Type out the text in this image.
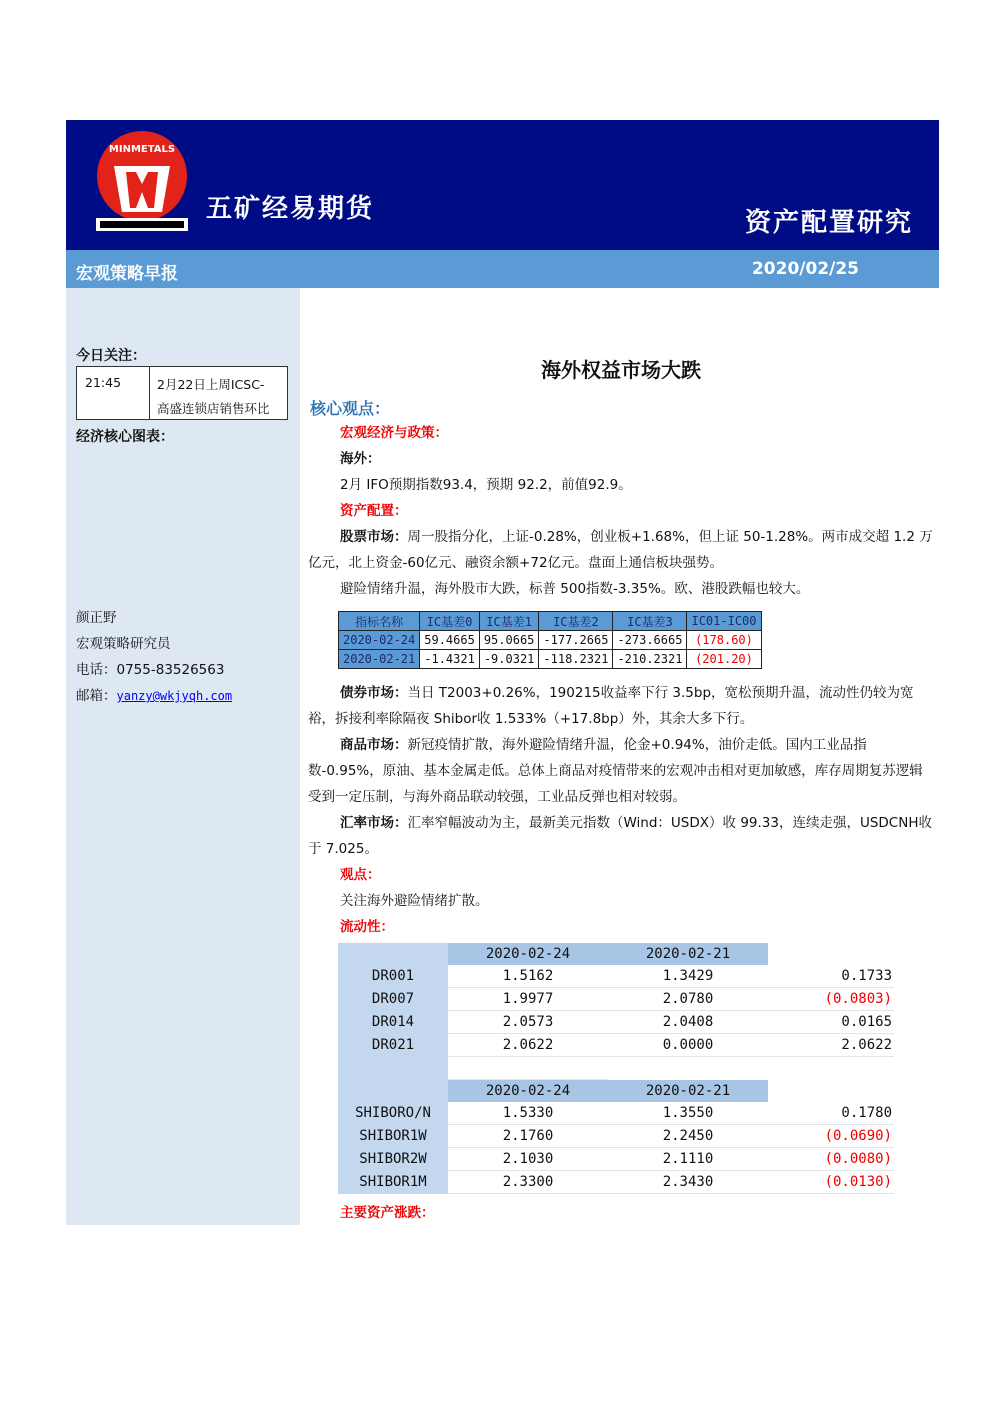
MINMETALS
五矿经易期货	资产配置研究
宏观策略早报	2020/02/25
今日关注：
21:45	2月22日上周ICSC-
高盛连锁店销售环比
经济核心图表：
颜正野
宏观策略研究员
电话：0755-83526563
邮箱：yanzy@wkjyqh.com
海外权益市场大跌
核心观点：
宏观经济与政策：
海外：
2月 IFO预期指数93.4，预期 92.2，前值92.9。
资产配置：
股票市场：周一股指分化，上证-0.28%，创业板+1.68%，但上证 50-1.28%。两市成交超 1.2 万亿元，北上资金-60亿元、融资余额+72亿元。盘面上通信板块强势。
避险情绪升温，海外股市大跌，标普 500指数-3.35%。欧、港股跌幅也较大。
指标名称	IC基差0	IC基差1	IC基差2	IC基差3	IC01-IC00
2020-02-24	59.4665	95.0665	-177.2665	-273.6665	(178.60)
2020-02-21	-1.4321	-9.0321	-118.2321	-210.2321	(201.20)
债券市场：当日 T2003+0.26%，190215收益率下行 3.5bp，宽松预期升温，流动性仍较为宽裕，拆接利率除隔夜 Shibor收 1.533%（+17.8bp）外，其余大多下行。
商品市场：新冠疫情扩散，海外避险情绪升温，伦金+0.94%，油价走低。国内工业品指数-0.95%，原油、基本金属走低。总体上商品对疫情带来的宏观冲击相对更加敏感，库存周期复苏逻辑受到一定压制，与海外商品联动较强，工业品反弹也相对较弱。
汇率市场：汇率窄幅波动为主，最新美元指数（Wind：USDX）收 99.33，连续走强，USDCNH收于 7.025。
观点：
关注海外避险情绪扩散。
流动性：
	2020-02-24	2020-02-21	
DR001	1.5162	1.3429	0.1733
DR007	1.9977	2.0780	(0.0803)
DR014	2.0573	2.0408	0.0165
DR021	2.0622	0.0000	2.0622

	2020-02-24	2020-02-21	
SHIBORO/N	1.5330	1.3550	0.1780
SHIBOR1W	2.1760	2.2450	(0.0690)
SHIBOR2W	2.1030	2.1110	(0.0080)
SHIBOR1M	2.3300	2.3430	(0.0130)
主要资产涨跌：
